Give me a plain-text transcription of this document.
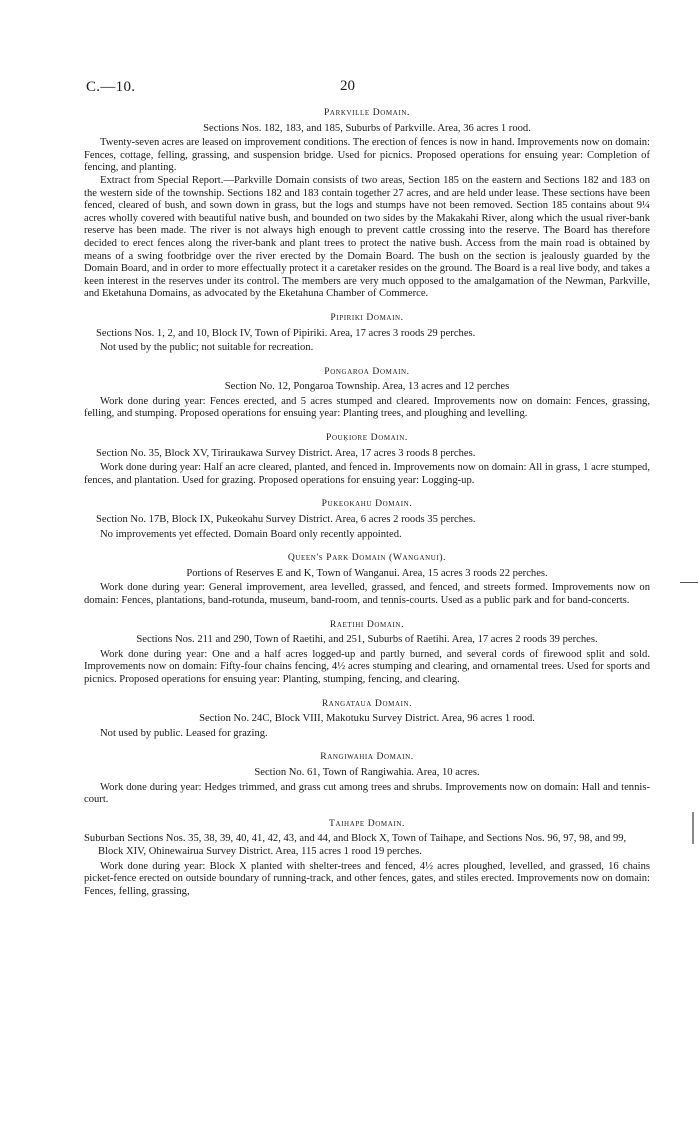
C.—10.	20
Parkville Domain.
Sections Nos. 182, 183, and 185, Suburbs of Parkville. Area, 36 acres 1 rood.

Twenty-seven acres are leased on improvement conditions. The erection of fences is now in hand. Improvements now on domain: Fences, cottage, felling, grassing, and suspension bridge. Used for picnics. Proposed operations for ensuing year: Completion of fencing, and planting.

Extract from Special Report.—Parkville Domain consists of two areas, Section 185 on the eastern and Sections 182 and 183 on the western side of the township. Sections 182 and 183 contain together 27 acres, and are held under lease. These sections have been fenced, cleared of bush, and sown down in grass, but the logs and stumps have not been removed. Section 185 contains about 9¼ acres wholly covered with beautiful native bush, and bounded on two sides by the Makakahi River, along which the usual river-bank reserve has been made. The river is not always high enough to prevent cattle crossing into the reserve. The Board has therefore decided to erect fences along the river-bank and plant trees to protect the native bush. Access from the main road is obtained by means of a swing footbridge over the river erected by the Domain Board. The bush on the section is jealously guarded by the Domain Board, and in order to more effectually protect it a caretaker resides on the ground. The Board is a real live body, and takes a keen interest in the reserves under its control. The members are very much opposed to the amalgamation of the Newman, Parkville, and Eketahuna Domains, as advocated by the Eketahuna Chamber of Commerce.

Pipiriki Domain.
Sections Nos. 1, 2, and 10, Block IV, Town of Pipiriki. Area, 17 acres 3 roods 29 perches.

Not used by the public; not suitable for recreation.

Pongaroa Domain.
Section No. 12, Pongaroa Township. Area, 13 acres and 12 perches

Work done during year: Fences erected, and 5 acres stumped and cleared. Improvements now on domain: Fences, grassing, felling, and stumping. Proposed operations for ensuing year: Planting trees, and ploughing and levelling.

Pouķiore Domain.
Section No. 35, Block XV, Tiriraukawa Survey District. Area, 17 acres 3 roods 8 perches.

Work done during year: Half an acre cleared, planted, and fenced in. Improvements now on domain: All in grass, 1 acre stumped, fences, and plantation. Used for grazing. Proposed operations for ensuing year: Logging-up.

Pukeokahu Domain.
Section No. 17B, Block IX, Pukeokahu Survey District. Area, 6 acres 2 roods 35 perches.

No improvements yet effected. Domain Board only recently appointed.

Queen's Park Domain (Wanganui).
Portions of Reserves E and K, Town of Wanganui. Area, 15 acres 3 roods 22 perches.

Work done during year: General improvement, area levelled, grassed, and fenced, and streets formed. Improvements now on domain: Fences, plantations, band-rotunda, museum, band-room, and tennis-courts. Used as a public park and for band-concerts.

Raetihi Domain.
Sections Nos. 211 and 290, Town of Raetihi, and 251, Suburbs of Raetihi. Area, 17 acres 2 roods 39 perches.

Work done during year: One and a half acres logged-up and partly burned, and several cords of firewood split and sold. Improvements now on domain: Fifty-four chains fencing, 4½ acres stumping and clearing, and ornamental trees. Used for sports and picnics. Proposed operations for ensuing year: Planting, stumping, fencing, and clearing.

Rangataua Domain.
Section No. 24C, Block VIII, Makotuku Survey District. Area, 96 acres 1 rood.

Not used by public. Leased for grazing.

Rangiwahia Domain.
Section No. 61, Town of Rangiwahia. Area, 10 acres.

Work done during year: Hedges trimmed, and grass cut among trees and shrubs. Improvements now on domain: Hall and tennis-court.

Taihape Domain.
Suburban Sections Nos. 35, 38, 39, 40, 41, 42, 43, and 44, and Block X, Town of Taihape, and Sections Nos. 96, 97, 98, and 99, Block XIV, Ohinewairua Survey District. Area, 115 acres 1 rood 19 perches.

Work done during year: Block X planted with shelter-trees and fenced, 4½ acres ploughed, levelled, and grassed, 16 chains picket-fence erected on outside boundary of running-track, and other fences, gates, and stiles erected. Improvements now on domain: Fences, felling, grassing,
